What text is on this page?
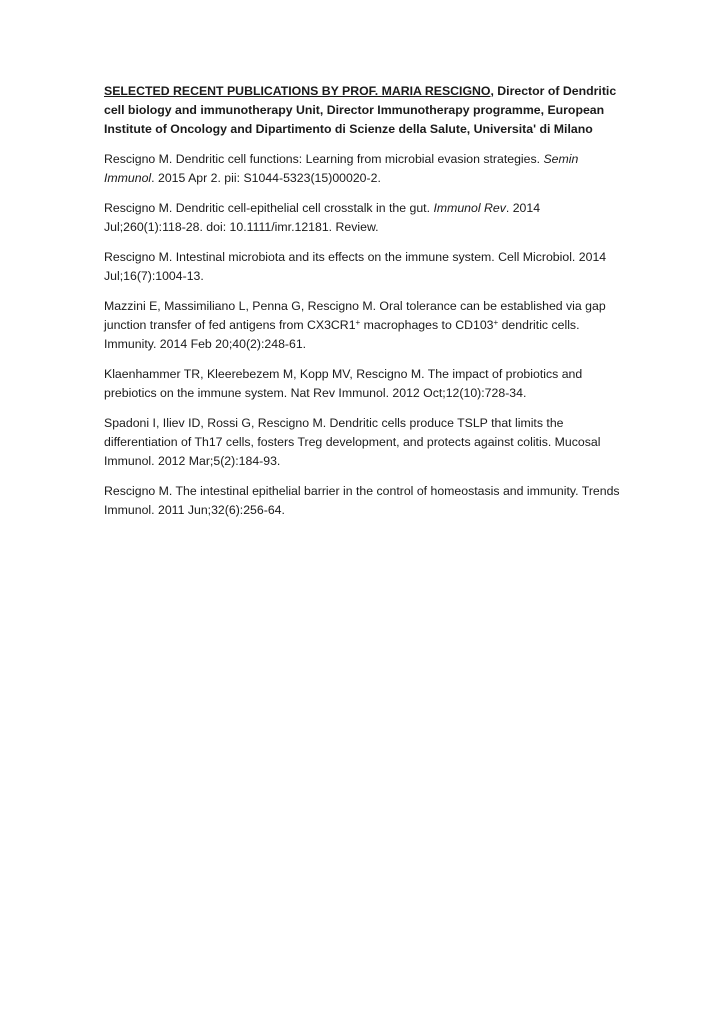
SELECTED RECENT PUBLICATIONS BY PROF. MARIA RESCIGNO, Director of Dendritic cell biology and immunotherapy Unit, Director Immunotherapy programme, European Institute of Oncology and Dipartimento di Scienze della Salute, Universita' di Milano

Rescigno M. Dendritic cell functions: Learning from microbial evasion strategies. Semin Immunol. 2015 Apr 2. pii: S1044-5323(15)00020-2.

Rescigno M. Dendritic cell-epithelial cell crosstalk in the gut. Immunol Rev. 2014 Jul;260(1):118-28. doi: 10.1111/imr.12181. Review.

Rescigno M. Intestinal microbiota and its effects on the immune system. Cell Microbiol. 2014 Jul;16(7):1004-13.

Mazzini E, Massimiliano L, Penna G, Rescigno M. Oral tolerance can be established via gap junction transfer of fed antigens from CX3CR1+ macrophages to CD103+ dendritic cells. Immunity. 2014 Feb 20;40(2):248-61.

Klaenhammer TR, Kleerebezem M, Kopp MV, Rescigno M. The impact of probiotics and prebiotics on the immune system. Nat Rev Immunol. 2012 Oct;12(10):728-34.

Spadoni I, Iliev ID, Rossi G, Rescigno M. Dendritic cells produce TSLP that limits the differentiation of Th17 cells, fosters Treg development, and protects against colitis. Mucosal Immunol. 2012 Mar;5(2):184-93.

Rescigno M. The intestinal epithelial barrier in the control of homeostasis and immunity. Trends Immunol. 2011 Jun;32(6):256-64.
